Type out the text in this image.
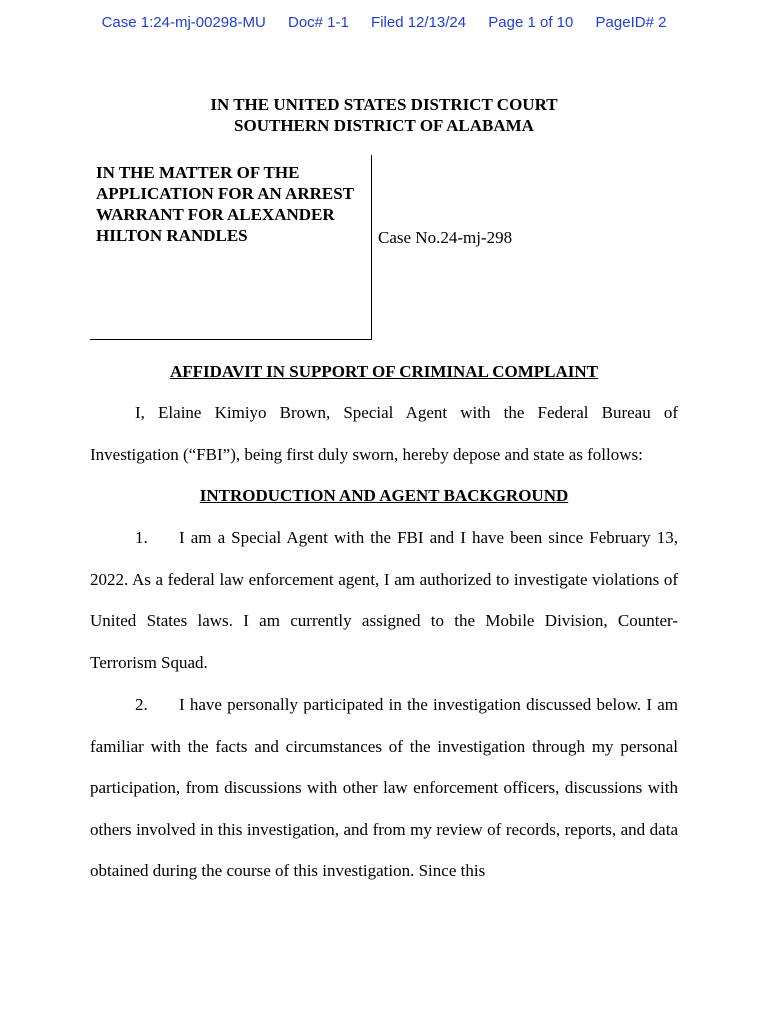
Case 1:24-mj-00298-MU Doc# 1-1 Filed 12/13/24 Page 1 of 10 PageID# 2
IN THE UNITED STATES DISTRICT COURT
SOUTHERN DISTRICT OF ALABAMA
IN THE MATTER OF THE APPLICATION FOR AN ARREST WARRANT FOR ALEXANDER HILTON RANDLES	Case No.24-mj-298
AFFIDAVIT IN SUPPORT OF CRIMINAL COMPLAINT
I, Elaine Kimiyo Brown, Special Agent with the Federal Bureau of Investigation (“FBI”), being first duly sworn, hereby depose and state as follows:
INTRODUCTION AND AGENT BACKGROUND
1. I am a Special Agent with the FBI and I have been since February 13, 2022. As a federal law enforcement agent, I am authorized to investigate violations of United States laws. I am currently assigned to the Mobile Division, Counter-Terrorism Squad.
2. I have personally participated in the investigation discussed below. I am familiar with the facts and circumstances of the investigation through my personal participation, from discussions with other law enforcement officers, discussions with others involved in this investigation, and from my review of records, reports, and data obtained during the course of this investigation. Since this
